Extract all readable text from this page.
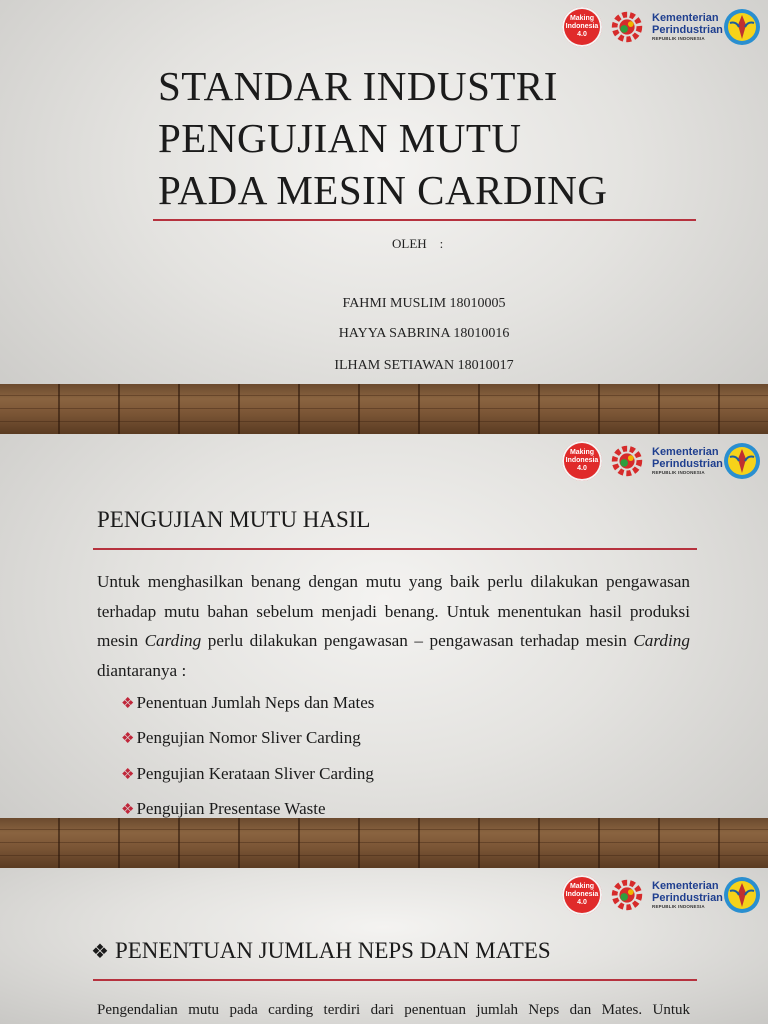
Making
Indonesia
4.0
Kementerian
Perindustrian
REPUBLIK INDONESIA
STANDAR INDUSTRI
PENGUJIAN MUTU
PADA MESIN CARDING
OLEH    :
FAHMI MUSLIM 18010005
HAYYA SABRINA 18010016
ILHAM SETIAWAN 18010017
Making
Indonesia
4.0
Kementerian
Perindustrian
REPUBLIK INDONESIA
PENGUJIAN MUTU HASIL

Untuk menghasilkan benang dengan mutu yang baik perlu dilakukan pengawasan terhadap mutu bahan sebelum menjadi benang. Untuk menentukan hasil produksi mesin Carding perlu dilakukan pengawasan – pengawasan terhadap mesin Carding diantaranya :

❖ Penentuan Jumlah Neps dan Mates
❖ Pengujian Nomor Sliver Carding
❖ Pengujian Kerataan Sliver Carding
❖ Pengujian Presentase Waste
Making
Indonesia
4.0
Kementerian
Perindustrian
REPUBLIK INDONESIA
❖ PENENTUAN JUMLAH NEPS DAN MATES

Pengendalian mutu pada carding terdiri dari penentuan jumlah Neps dan Mates. Untuk
